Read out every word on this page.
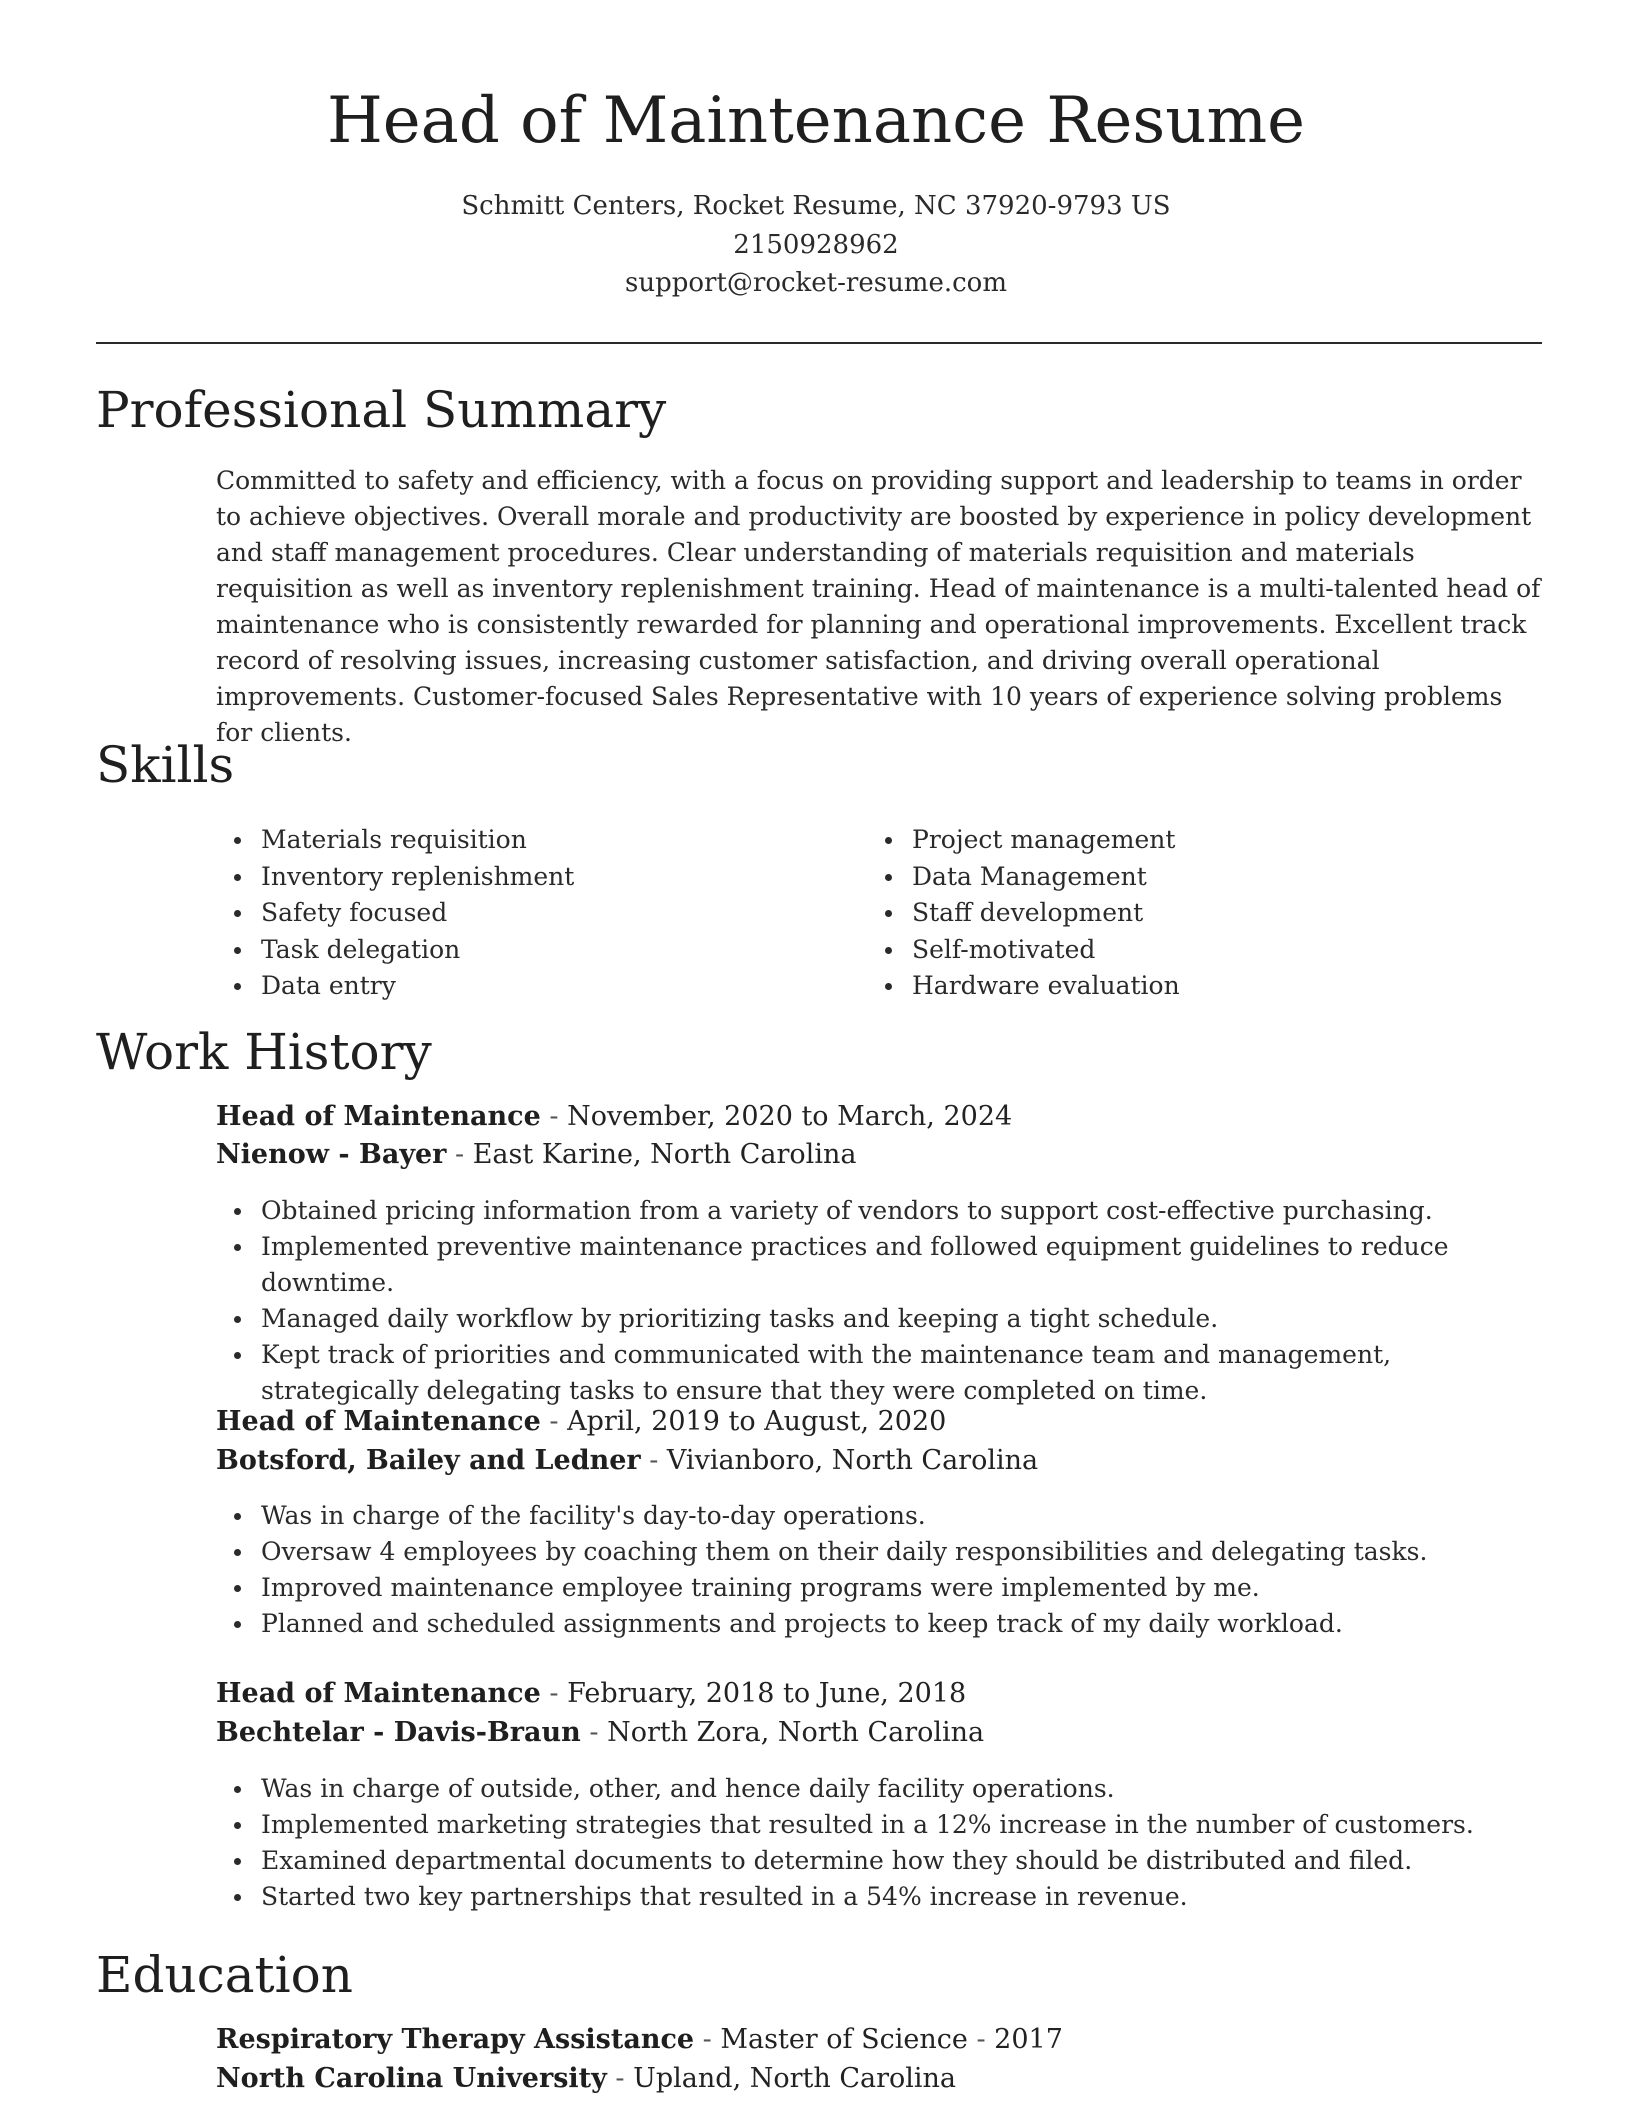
Head of Maintenance Resume
Schmitt Centers, Rocket Resume, NC 37920-9793 US
2150928962
support@rocket-resume.com
Professional Summary

Committed to safety and efficiency, with a focus on providing support and leadership to teams in order to achieve objectives. Overall morale and productivity are boosted by experience in policy development and staff management procedures. Clear understanding of materials requisition and materials requisition as well as inventory replenishment training. Head of maintenance is a multi-talented head of maintenance who is consistently rewarded for planning and operational improvements. Excellent track record of resolving issues, increasing customer satisfaction, and driving overall operational improvements. Customer-focused Sales Representative with 10 years of experience solving problems for clients.

Skills
Materials requisition
Inventory replenishment
Safety focused
Task delegation
Data entry
Project management
Data Management
Staff development
Self-motivated
Hardware evaluation
Work History
Head of Maintenance - November, 2020 to March, 2024
Nienow - Bayer - East Karine, North Carolina
Obtained pricing information from a variety of vendors to support cost-effective purchasing.
Implemented preventive maintenance practices and followed equipment guidelines to reduce downtime.
Managed daily workflow by prioritizing tasks and keeping a tight schedule.
Kept track of priorities and communicated with the maintenance team and management, strategically delegating tasks to ensure that they were completed on time.
Head of Maintenance - April, 2019 to August, 2020
Botsford, Bailey and Ledner - Vivianboro, North Carolina
Was in charge of the facility's day-to-day operations.
Oversaw 4 employees by coaching them on their daily responsibilities and delegating tasks.
Improved maintenance employee training programs were implemented by me.
Planned and scheduled assignments and projects to keep track of my daily workload.
Head of Maintenance - February, 2018 to June, 2018
Bechtelar - Davis-Braun - North Zora, North Carolina
Was in charge of outside, other, and hence daily facility operations.
Implemented marketing strategies that resulted in a 12% increase in the number of customers.
Examined departmental documents to determine how they should be distributed and filed.
Started two key partnerships that resulted in a 54% increase in revenue.
Education
Respiratory Therapy Assistance - Master of Science - 2017
North Carolina University - Upland, North Carolina
